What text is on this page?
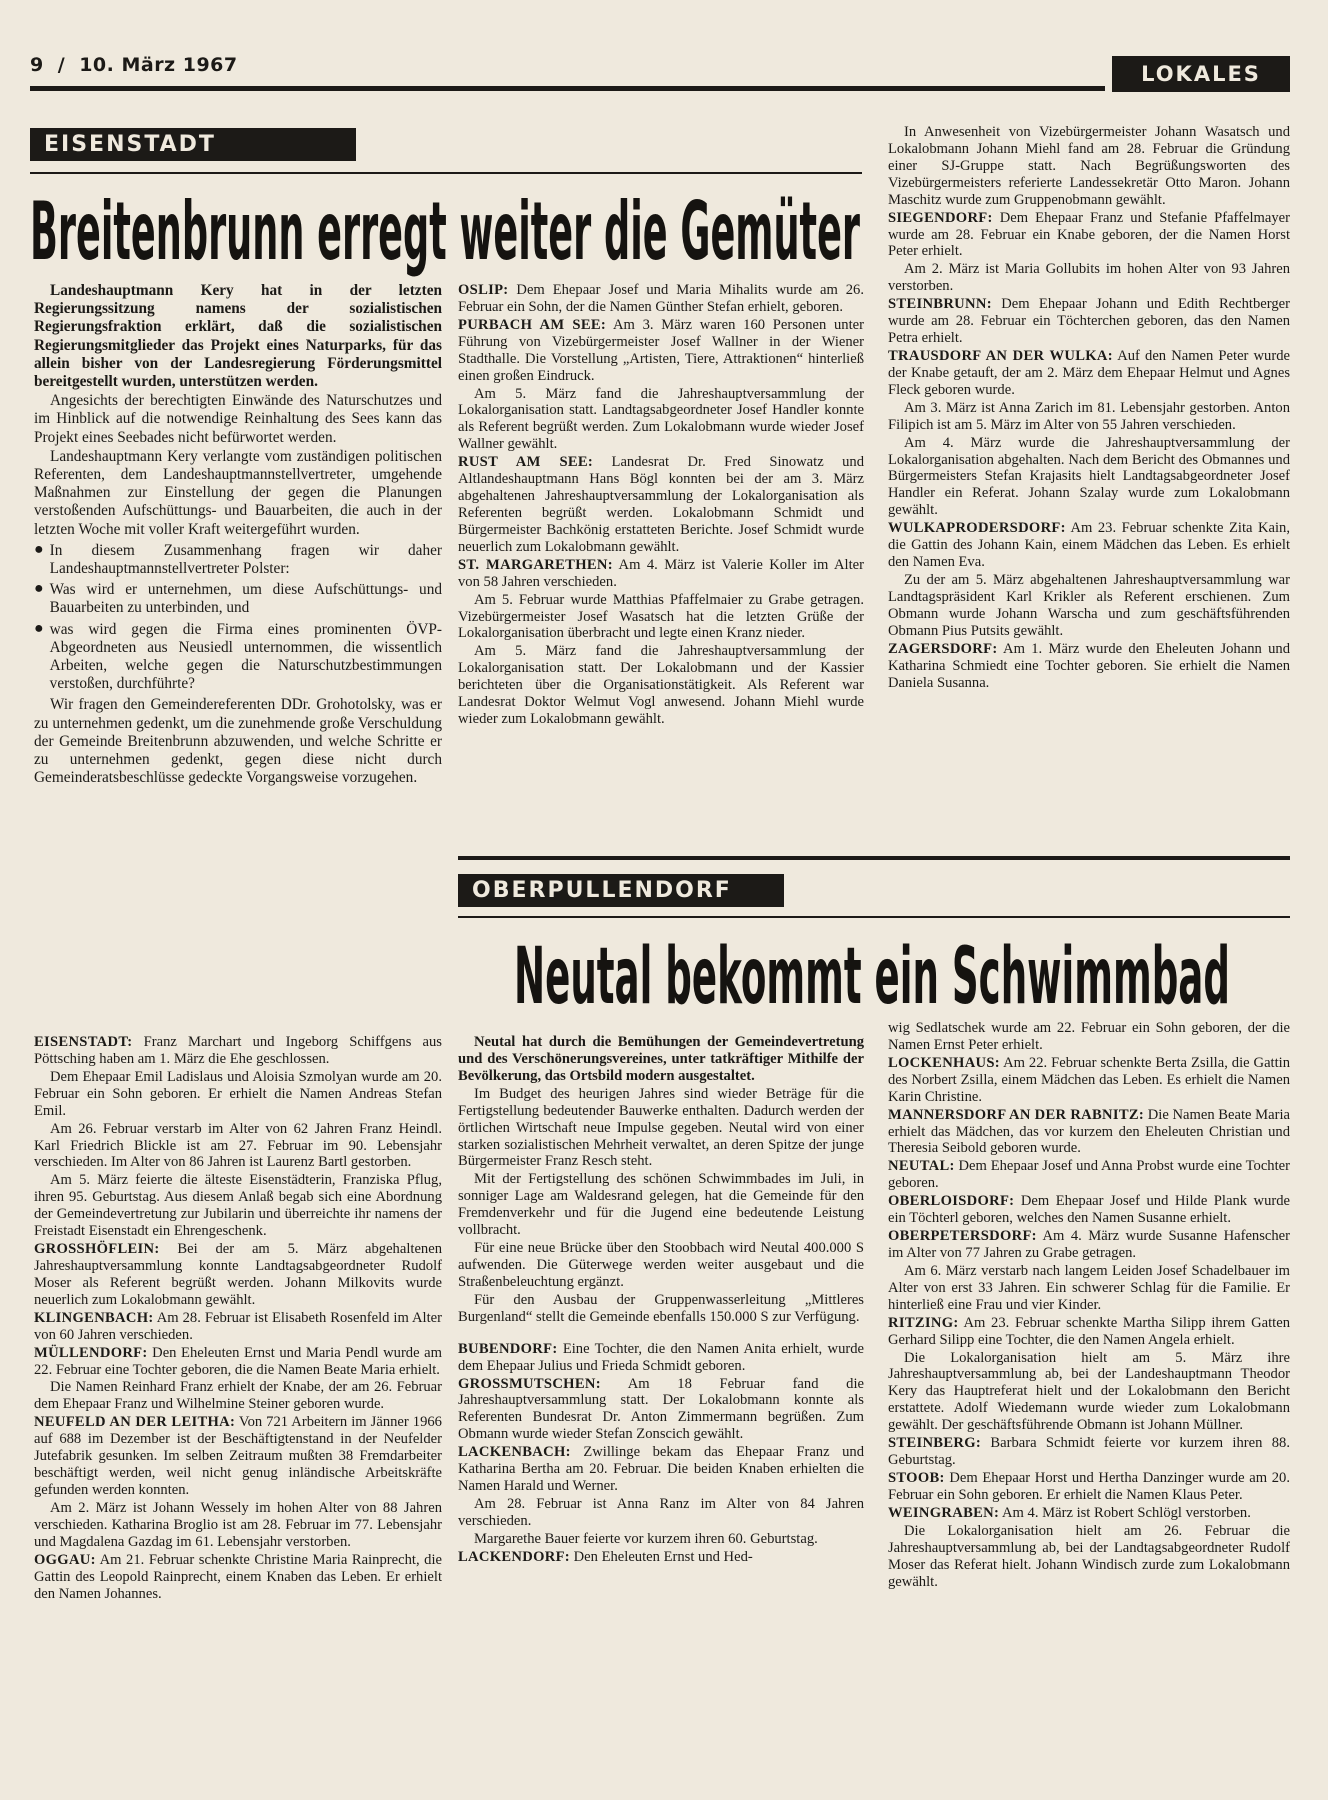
9 / 10. März 1967	LOKALES
EISENSTADT
Breitenbrunn erregt weiter die Gemüter

Landeshauptmann Kery hat in der letzten Regierungssitzung namens der sozialistischen Regierungsfraktion erklärt, daß die sozialistischen Regierungsmitglieder das Projekt eines Naturparks, für das allein bisher von der Landesregierung Förderungsmittel bereitgestellt wurden, unterstützen werden.

Angesichts der berechtigten Einwände des Naturschutzes und im Hinblick auf die notwendige Reinhaltung des Sees kann das Projekt eines Seebades nicht befürwortet werden.

Landeshauptmann Kery verlangte vom zuständigen politischen Referenten, dem Landeshauptmannstellvertreter, umgehende Maßnahmen zur Einstellung der gegen die Planungen verstoßenden Aufschüttungs- und Bauarbeiten, die auch in der letzten Woche mit voller Kraft weitergeführt wurden.

● In diesem Zusammenhang fragen wir daher Landeshauptmannstellvertreter Polster:
● Was wird er unternehmen, um diese Aufschüttungs- und Bauarbeiten zu unterbinden, und
● was wird gegen die Firma eines prominenten ÖVP-Abgeordneten aus Neusiedl unternommen, die wissentlich Arbeiten, welche gegen die Naturschutzbestimmungen verstoßen, durchführte?

Wir fragen den Gemeindereferenten DDr. Grohotolsky, was er zu unternehmen gedenkt, um die zunehmende große Verschuldung der Gemeinde Breitenbrunn abzuwenden, und welche Schritte er zu unternehmen gedenkt, gegen diese nicht durch Gemeinderatsbeschlüsse gedeckte Vorgangsweise vorzugehen.

OSLIP: Dem Ehepaar Josef und Maria Mihalits wurde am 26. Februar ein Sohn, der die Namen Günther Stefan erhielt, geboren.

PURBACH AM SEE: Am 3. März waren 160 Personen unter Führung von Vizebürgermeister Josef Wallner in der Wiener Stadthalle. Die Vorstellung „Artisten, Tiere, Attraktionen“ hinterließ einen großen Eindruck.

Am 5. März fand die Jahreshauptversammlung der Lokalorganisation statt. Landtagsabgeordneter Josef Handler konnte als Referent begrüßt werden. Zum Lokalobmann wurde wieder Josef Wallner gewählt.

RUST AM SEE: Landesrat Dr. Fred Sinowatz und Altlandeshauptmann Hans Bögl konnten bei der am 3. März abgehaltenen Jahreshauptversammlung der Lokalorganisation als Referenten begrüßt werden. Lokalobmann Schmidt und Bürgermeister Bachkönig erstatteten Berichte. Josef Schmidt wurde neuerlich zum Lokalobmann gewählt.

ST. MARGARETHEN: Am 4. März ist Valerie Koller im Alter von 58 Jahren verschieden.

Am 5. Februar wurde Matthias Pfaffelmaier zu Grabe getragen. Vizebürgermeister Josef Wasatsch hat die letzten Grüße der Lokalorganisation überbracht und legte einen Kranz nieder.

Am 5. März fand die Jahreshauptversammlung der Lokalorganisation statt. Der Lokalobmann und der Kassier berichteten über die Organisationstätigkeit. Als Referent war Landesrat Doktor Welmut Vogl anwesend. Johann Miehl wurde wieder zum Lokalobmann gewählt.

In Anwesenheit von Vizebürgermeister Johann Wasatsch und Lokalobmann Johann Miehl fand am 28. Februar die Gründung einer SJ-Gruppe statt. Nach Begrüßungsworten des Vizebürgermeisters referierte Landessekretär Otto Maron. Johann Maschitz wurde zum Gruppenobmann gewählt.

SIEGENDORF: Dem Ehepaar Franz und Stefanie Pfaffelmayer wurde am 28. Februar ein Knabe geboren, der die Namen Horst Peter erhielt.

Am 2. März ist Maria Gollubits im hohen Alter von 93 Jahren verstorben.

STEINBRUNN: Dem Ehepaar Johann und Edith Rechtberger wurde am 28. Februar ein Töchterchen geboren, das den Namen Petra erhielt.

TRAUSDORF AN DER WULKA: Auf den Namen Peter wurde der Knabe getauft, der am 2. März dem Ehepaar Helmut und Agnes Fleck geboren wurde.

Am 3. März ist Anna Zarich im 81. Lebensjahr gestorben. Anton Filipich ist am 5. März im Alter von 55 Jahren verschieden.

Am 4. März wurde die Jahreshauptversammlung der Lokalorganisation abgehalten. Nach dem Bericht des Obmannes und Bürgermeisters Stefan Krajasits hielt Landtagsabgeordneter Josef Handler ein Referat. Johann Szalay wurde zum Lokalobmann gewählt.

WULKAPRODERSDORF: Am 23. Februar schenkte Zita Kain, die Gattin des Johann Kain, einem Mädchen das Leben. Es erhielt den Namen Eva.

Zu der am 5. März abgehaltenen Jahreshauptversammlung war Landtagspräsident Karl Krikler als Referent erschienen. Zum Obmann wurde Johann Warscha und zum geschäftsführenden Obmann Pius Putsits gewählt.

ZAGERSDORF: Am 1. März wurde den Eheleuten Johann und Katharina Schmiedt eine Tochter geboren. Sie erhielt die Namen Daniela Susanna.

OBERPULLENDORF
Neutal bekommt ein Schwimmbad

EISENSTADT: Franz Marchart und Ingeborg Schiffgens aus Pöttsching haben am 1. März die Ehe geschlossen.

Dem Ehepaar Emil Ladislaus und Aloisia Szmolyan wurde am 20. Februar ein Sohn geboren. Er erhielt die Namen Andreas Stefan Emil.

Am 26. Februar verstarb im Alter von 62 Jahren Franz Heindl. Karl Friedrich Blickle ist am 27. Februar im 90. Lebensjahr verschieden. Im Alter von 86 Jahren ist Laurenz Bartl gestorben.

Am 5. März feierte die älteste Eisenstädterin, Franziska Pflug, ihren 95. Geburtstag. Aus diesem Anlaß begab sich eine Abordnung der Gemeindevertretung zur Jubilarin und überreichte ihr namens der Freistadt Eisenstadt ein Ehrengeschenk.

GROSSHÖFLEIN: Bei der am 5. März abgehaltenen Jahreshauptversammlung konnte Landtagsabgeordneter Rudolf Moser als Referent begrüßt werden. Johann Milkovits wurde neuerlich zum Lokalobmann gewählt.

KLINGENBACH: Am 28. Februar ist Elisabeth Rosenfeld im Alter von 60 Jahren verschieden.

MÜLLENDORF: Den Eheleuten Ernst und Maria Pendl wurde am 22. Februar eine Tochter geboren, die die Namen Beate Maria erhielt.

Die Namen Reinhard Franz erhielt der Knabe, der am 26. Februar dem Ehepaar Franz und Wilhelmine Steiner geboren wurde.

NEUFELD AN DER LEITHA: Von 721 Arbeitern im Jänner 1966 auf 688 im Dezember ist der Beschäftigtenstand in der Neufelder Jutefabrik gesunken. Im selben Zeitraum mußten 38 Fremdarbeiter beschäftigt werden, weil nicht genug inländische Arbeitskräfte gefunden werden konnten.

Am 2. März ist Johann Wessely im hohen Alter von 88 Jahren verschieden. Katharina Broglio ist am 28. Februar im 77. Lebensjahr und Magdalena Gazdag im 61. Lebensjahr verstorben.

OGGAU: Am 21. Februar schenkte Christine Maria Rainprecht, die Gattin des Leopold Rainprecht, einem Knaben das Leben. Er erhielt den Namen Johannes.

Neutal hat durch die Bemühungen der Gemeindevertretung und des Verschönerungsvereines, unter tatkräftiger Mithilfe der Bevölkerung, das Ortsbild modern ausgestaltet.

Im Budget des heurigen Jahres sind wieder Beträge für die Fertigstellung bedeutender Bauwerke enthalten. Dadurch werden der örtlichen Wirtschaft neue Impulse gegeben. Neutal wird von einer starken sozialistischen Mehrheit verwaltet, an deren Spitze der junge Bürgermeister Franz Resch steht.

Mit der Fertigstellung des schönen Schwimmbades im Juli, in sonniger Lage am Waldesrand gelegen, hat die Gemeinde für den Fremdenverkehr und für die Jugend eine bedeutende Leistung vollbracht.

Für eine neue Brücke über den Stoobbach wird Neutal 400.000 S aufwenden. Die Güterwege werden weiter ausgebaut und die Straßenbeleuchtung ergänzt.

Für den Ausbau der Gruppenwasserleitung „Mittleres Burgenland“ stellt die Gemeinde ebenfalls 150.000 S zur Verfügung.

BUBENDORF: Eine Tochter, die den Namen Anita erhielt, wurde dem Ehepaar Julius und Frieda Schmidt geboren.

GROSSMUTSCHEN: Am 18 Februar fand die Jahreshauptversammlung statt. Der Lokalobmann konnte als Referenten Bundesrat Dr. Anton Zimmermann begrüßen. Zum Obmann wurde wieder Stefan Zonscich gewählt.

LACKENBACH: Zwillinge bekam das Ehepaar Franz und Katharina Bertha am 20. Februar. Die beiden Knaben erhielten die Namen Harald und Werner.

Am 28. Februar ist Anna Ranz im Alter von 84 Jahren verschieden.

Margarethe Bauer feierte vor kurzem ihren 60. Geburtstag.

LACKENDORF: Den Eheleuten Ernst und Hed-

wig Sedlatschek wurde am 22. Februar ein Sohn geboren, der die Namen Ernst Peter erhielt.

LOCKENHAUS: Am 22. Februar schenkte Berta Zsilla, die Gattin des Norbert Zsilla, einem Mädchen das Leben. Es erhielt die Namen Karin Christine.

MANNERSDORF AN DER RABNITZ: Die Namen Beate Maria erhielt das Mädchen, das vor kurzem den Eheleuten Christian und Theresia Seibold geboren wurde.

NEUTAL: Dem Ehepaar Josef und Anna Probst wurde eine Tochter geboren.

OBERLOISDORF: Dem Ehepaar Josef und Hilde Plank wurde ein Töchterl geboren, welches den Namen Susanne erhielt.

OBERPETERSDORF: Am 4. März wurde Susanne Hafenscher im Alter von 77 Jahren zu Grabe getragen.

Am 6. März verstarb nach langem Leiden Josef Schadelbauer im Alter von erst 33 Jahren. Ein schwerer Schlag für die Familie. Er hinterließ eine Frau und vier Kinder.

RITZING: Am 23. Februar schenkte Martha Silipp ihrem Gatten Gerhard Silipp eine Tochter, die den Namen Angela erhielt.

Die Lokalorganisation hielt am 5. März ihre Jahreshauptversammlung ab, bei der Landeshauptmann Theodor Kery das Hauptreferat hielt und der Lokalobmann den Bericht erstattete. Adolf Wiedemann wurde wieder zum Lokalobmann gewählt. Der geschäftsführende Obmann ist Johann Müllner.

STEINBERG: Barbara Schmidt feierte vor kurzem ihren 88. Geburtstag.

STOOB: Dem Ehepaar Horst und Hertha Danzinger wurde am 20. Februar ein Sohn geboren. Er erhielt die Namen Klaus Peter.

WEINGRABEN: Am 4. März ist Robert Schlögl verstorben.

Die Lokalorganisation hielt am 26. Februar die Jahreshauptversammlung ab, bei der Landtagsabgeordneter Rudolf Moser das Referat hielt. Johann Windisch zurde zum Lokalobmann gewählt.
